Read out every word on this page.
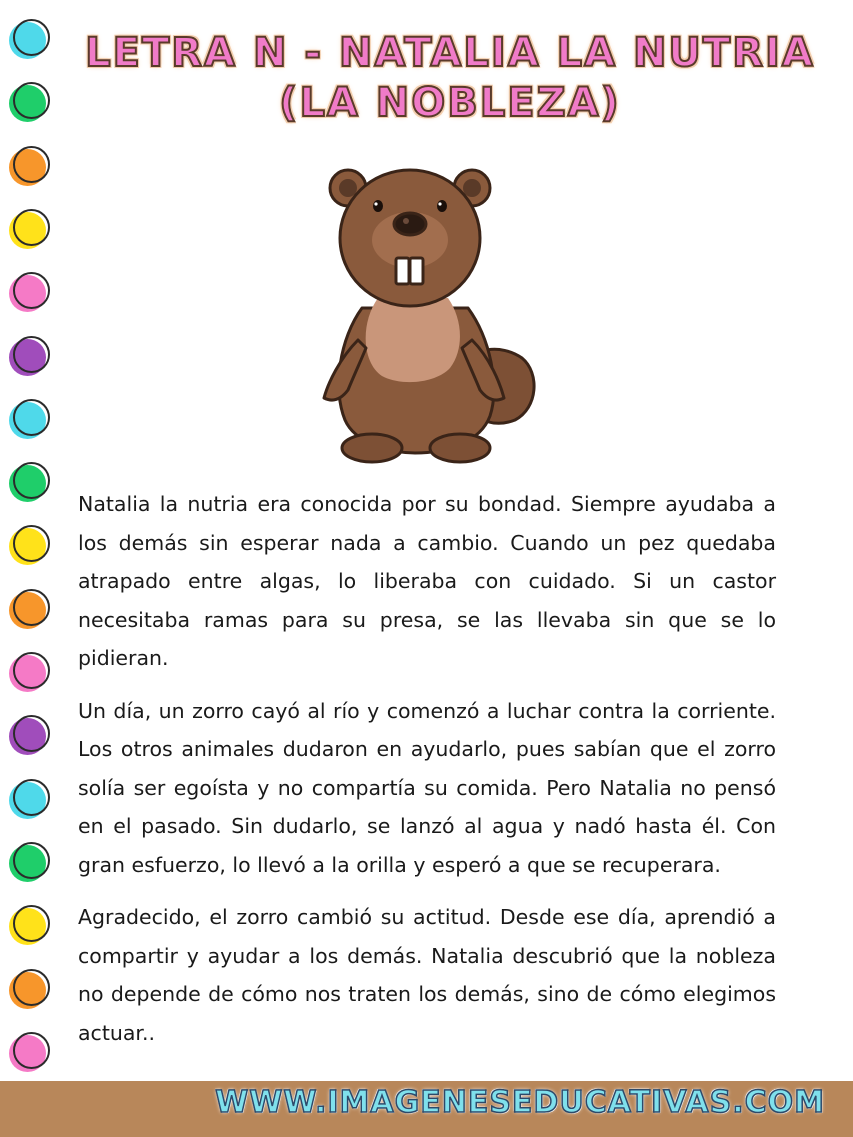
LETRA N - NATALIA LA NUTRIA
(LA NOBLEZA)

Natalia la nutria era conocida por su bondad. Siempre ayudaba a los demás sin esperar nada a cambio. Cuando un pez quedaba atrapado entre algas, lo liberaba con cuidado. Si un castor necesitaba ramas para su presa, se las llevaba sin que se lo pidieran.

Un día, un zorro cayó al río y comenzó a luchar contra la corriente. Los otros animales dudaron en ayudarlo, pues sabían que el zorro solía ser egoísta y no compartía su comida. Pero Natalia no pensó en el pasado. Sin dudarlo, se lanzó al agua y nadó hasta él. Con gran esfuerzo, lo llevó a la orilla y esperó a que se recuperara.

Agradecido, el zorro cambió su actitud. Desde ese día, aprendió a compartir y ayudar a los demás. Natalia descubrió que la nobleza no depende de cómo nos traten los demás, sino de cómo elegimos actuar..

WWW.IMAGENESEDUCATIVAS.COM
